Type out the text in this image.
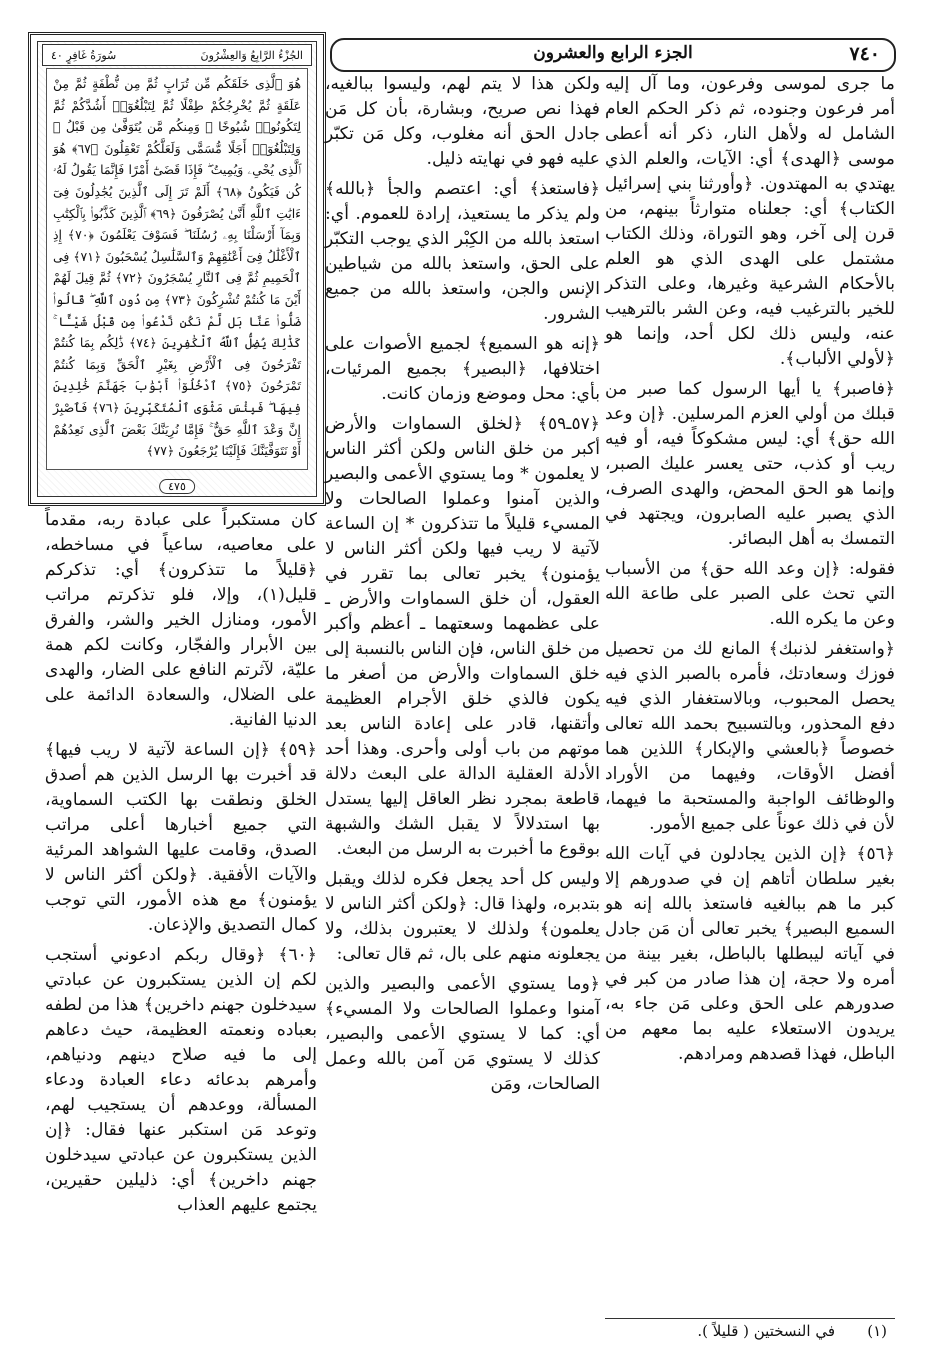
٧٤٠
الجزء الرابع والعشرون
الجُزْءُ الرَّابِعُ وَالعِشْرُونَ
سُورَةُ غَافِرٍ ٤٠
هُوَ ٱلَّذِى خَلَقَكُم مِّن تُرَابٍ ثُمَّ مِن نُّطْفَةٍ ثُمَّ مِنْ عَلَقَةٍ ثُمَّ يُخْرِجُكُمْ طِفْلًا ثُمَّ لِتَبْلُغُوٓا۟ أَشُدَّكُمْ ثُمَّ لِتَكُونُوا۟ شُيُوخًا ۚ وَمِنكُم مَّن يُتَوَفَّىٰ مِن قَبْلُ ۖ وَلِتَبْلُغُوٓا۟ أَجَلًا مُّسَمًّى وَلَعَلَّكُمْ تَعْقِلُونَ ﴿٦٧﴾ هُوَ ٱلَّذِى يُحْىِۦ وَيُمِيتُ ۖ فَإِذَا قَضَىٰٓ أَمْرًا فَإِنَّمَا يَقُولُ لَهُۥ كُن فَيَكُونُ ﴿٦٨﴾ أَلَمْ تَرَ إِلَى ٱلَّذِينَ يُجَٰدِلُونَ فِىٓ ءَايَٰتِ ٱللَّهِ أَنَّىٰ يُصْرَفُونَ ﴿٦٩﴾ ٱلَّذِينَ كَذَّبُوا۟ بِٱلْكِتَٰبِ وَبِمَآ أَرْسَلْنَا بِهِۦ رُسُلَنَا ۖ فَسَوْفَ يَعْلَمُونَ ﴿٧٠﴾ إِذِ ٱلْأَغْلَٰلُ فِىٓ أَعْنَٰقِهِمْ وَٱلسَّلَٰسِلُ يُسْحَبُونَ ﴿٧١﴾ فِى ٱلْحَمِيمِ ثُمَّ فِى ٱلنَّارِ يُسْجَرُونَ ﴿٧٢﴾ ثُمَّ قِيلَ لَهُمْ أَيْنَ مَا كُنتُمْ تُشْرِكُونَ ﴿٧٣﴾ مِن دُونِ ٱللَّهِ ۖ قَالُوا۟ ضَلُّوا۟ عَنَّا بَل لَّمْ نَكُن نَّدْعُوا۟ مِن قَبْلُ شَيْـًٔا ۚ كَذَٰلِكَ يُضِلُّ ٱللَّهُ ٱلْكَٰفِرِينَ ﴿٧٤﴾ ذَٰلِكُم بِمَا كُنتُمْ تَفْرَحُونَ فِى ٱلْأَرْضِ بِغَيْرِ ٱلْحَقِّ وَبِمَا كُنتُمْ تَمْرَحُونَ ﴿٧٥﴾ ٱدْخُلُوٓا۟ أَبْوَٰبَ جَهَنَّمَ خَٰلِدِينَ فِيهَا ۖ فَبِئْسَ مَثْوَى ٱلْمُتَكَبِّرِينَ ﴿٧٦﴾ فَٱصْبِرْ إِنَّ وَعْدَ ٱللَّهِ حَقٌّ ۚ فَإِمَّا نُرِيَنَّكَ بَعْضَ ٱلَّذِى نَعِدُهُمْ أَوْ نَتَوَفَّيَنَّكَ فَإِلَيْنَا يُرْجَعُونَ ﴿٧٧﴾
٤٧٥

ما جرى لموسى وفرعون، وما آل إليه أمر فرعون وجنوده، ثم ذكر الحكم العام الشامل له ولأهل النار، ذكر أنه أعطى موسى ﴿الهدى﴾ أي: الآيات، والعلم الذي يهتدي به المهتدون. ﴿وأورثنا بني إسرائيل الكتاب﴾ أي: جعلناه متوارثاً بينهم، من قرن إلى آخر، وهو التوراة، وذلك الكتاب مشتمل على الهدى الذي هو العلم بالأحكام الشرعية وغيرها، وعلى التذكر للخير بالترغيب فيه، وعن الشر بالترهيب عنه، وليس ذلك لكل أحد، وإنما هو ﴿لأولي الألباب﴾.

﴿فاصبر﴾ يا أيها الرسول كما صبر من قبلك من أولي العزم المرسلين. ﴿إن وعد الله حق﴾ أي: ليس مشكوكاً فيه، أو فيه ريب أو كذب، حتى يعسر عليك الصبر، وإنما هو الحق المحض، والهدى الصرف، الذي يصبر عليه الصابرون، ويجتهد في التمسك به أهل البصائر.

فقوله: ﴿إن وعد الله حق﴾ من الأسباب التي تحث على الصبر على طاعة الله وعن ما يكره الله.

﴿واستغفر لذنبك﴾ المانع لك من تحصيل فوزك وسعادتك، فأمره بالصبر الذي فيه يحصل المحبوب، وبالاستغفار الذي فيه دفع المحذور، وبالتسبيح بحمد الله تعالى خصوصاً ﴿بالعشي والإبكار﴾ اللذين هما أفضل الأوقات، وفيهما من الأوراد والوظائف الواجبة والمستحبة ما فيهما، لأن في ذلك عوناً على جميع الأمور.

﴿٥٦﴾ ﴿إن الذين يجادلون في آيات الله بغير سلطان أتاهم إن في صدورهم إلا كبر ما هم ببالغيه فاستعذ بالله إنه هو السميع البصير﴾ يخبر تعالى أن مَن جادل في آياته ليبطلها بالباطل، بغير بينة من أمره ولا حجة، إن هذا صادر من كبر في صدورهم على الحق وعلى مَن جاء به، يريدون الاستعلاء عليه بما معهم من الباطل، فهذا قصدهم ومرادهم.

ولكن هذا لا يتم لهم، وليسوا ببالغيه، فهذا نص صريح، وبشارة، بأن كل مَن جادل الحق أنه مغلوب، وكل مَن تكبّر عليه فهو في نهايته ذليل.

﴿فاستعذ﴾ أي: اعتصم والجأ ﴿بالله﴾ ولم يذكر ما يستعيذ، إرادة للعموم. أي: استعذ بالله من الكِبْر الذي يوجب التكبّر على الحق، واستعذ بالله من شياطين الإنس والجن، واستعذ بالله من جميع الشرور.

﴿إنه هو السميع﴾ لجميع الأصوات على اختلافها، ﴿البصير﴾ بجميع المرئيات، بأي: محل وموضع وزمان كانت.

﴿٥٧ـ٥٩﴾ ﴿لخلق السماوات والأرض أكبر من خلق الناس ولكن أكثر الناس لا يعلمون * وما يستوي الأعمى والبصير والذين آمنوا وعملوا الصالحات ولا المسيء قليلاً ما تتذكرون * إن الساعة لآتية لا ريب فيها ولكن أكثر الناس لا يؤمنون﴾ يخبر تعالى بما تقرر في العقول، أن خلق السماوات والأرض ـ على عظمهما وسعتهما ـ أعظم وأكبر من خلق الناس، فإن الناس بالنسبة إلى خلق السماوات والأرض من أصغر ما يكون فالذي خلق الأجرام العظيمة وأتقنها، قادر على إعادة الناس بعد موتهم من باب أولى وأحرى. وهذا أحد الأدلة العقلية الدالة على البعث دلالة قاطعة بمجرد نظر العاقل إليها يستدل بها استدلالاً لا يقبل الشك والشبهة بوقوع ما أخبرت به الرسل من البعث.

وليس كل أحد يجعل فكره لذلك ويقبل بتدبره، ولهذا قال: ﴿ولكن أكثر الناس لا يعلمون﴾ ولذلك لا يعتبرون بذلك، ولا يجعلونه منهم على بال، ثم قال تعالى:

﴿وما يستوي الأعمى والبصير والذين آمنوا وعملوا الصالحات ولا المسيء﴾ أي: كما لا يستوي الأعمى والبصير، كذلك لا يستوي مَن آمن بالله وعمل الصالحات، ومَن

كان مستكبراً على عبادة ربه، مقدماً على معاصيه، ساعياً في مساخطه، ﴿قليلاً ما تتذكرون﴾ أي: تذكركم قليل(١)، وإلا، فلو تذكرتم مراتب الأمور، ومنازل الخير والشر، والفرق بين الأبرار والفجّار، وكانت لكم همة عليّة، لآثرتم النافع على الضار، والهدى على الضلال، والسعادة الدائمة على الدنيا الفانية.

﴿٥٩﴾ ﴿إن الساعة لآتية لا ريب فيها﴾ قد أخبرت بها الرسل الذين هم أصدق الخلق ونطقت بها الكتب السماوية، التي جميع أخبارها أعلى مراتب الصدق، وقامت عليها الشواهد المرئية والآيات الأفقية. ﴿ولكن أكثر الناس لا يؤمنون﴾ مع هذه الأمور، التي توجب كمال التصديق والإذعان.

﴿٦٠﴾ ﴿وقال ربكم ادعوني أستجب لكم إن الذين يستكبرون عن عبادتي سيدخلون جهنم داخرين﴾ هذا من لطفه بعباده ونعمته العظيمة، حيث دعاهم إلى ما فيه صلاح دينهم ودنياهم، وأمرهم بدعائه دعاء العبادة ودعاء المسألة، ووعدهم أن يستجيب لهم، وتوعد مَن استكبر عنها فقال: ﴿إن الذين يستكبرون عن عبادتي سيدخلون جهنم داخرين﴾ أي: ذليلين حقيرين، يجتمع عليهم العذاب

(١)
في النسختين ( قليلاً ).
